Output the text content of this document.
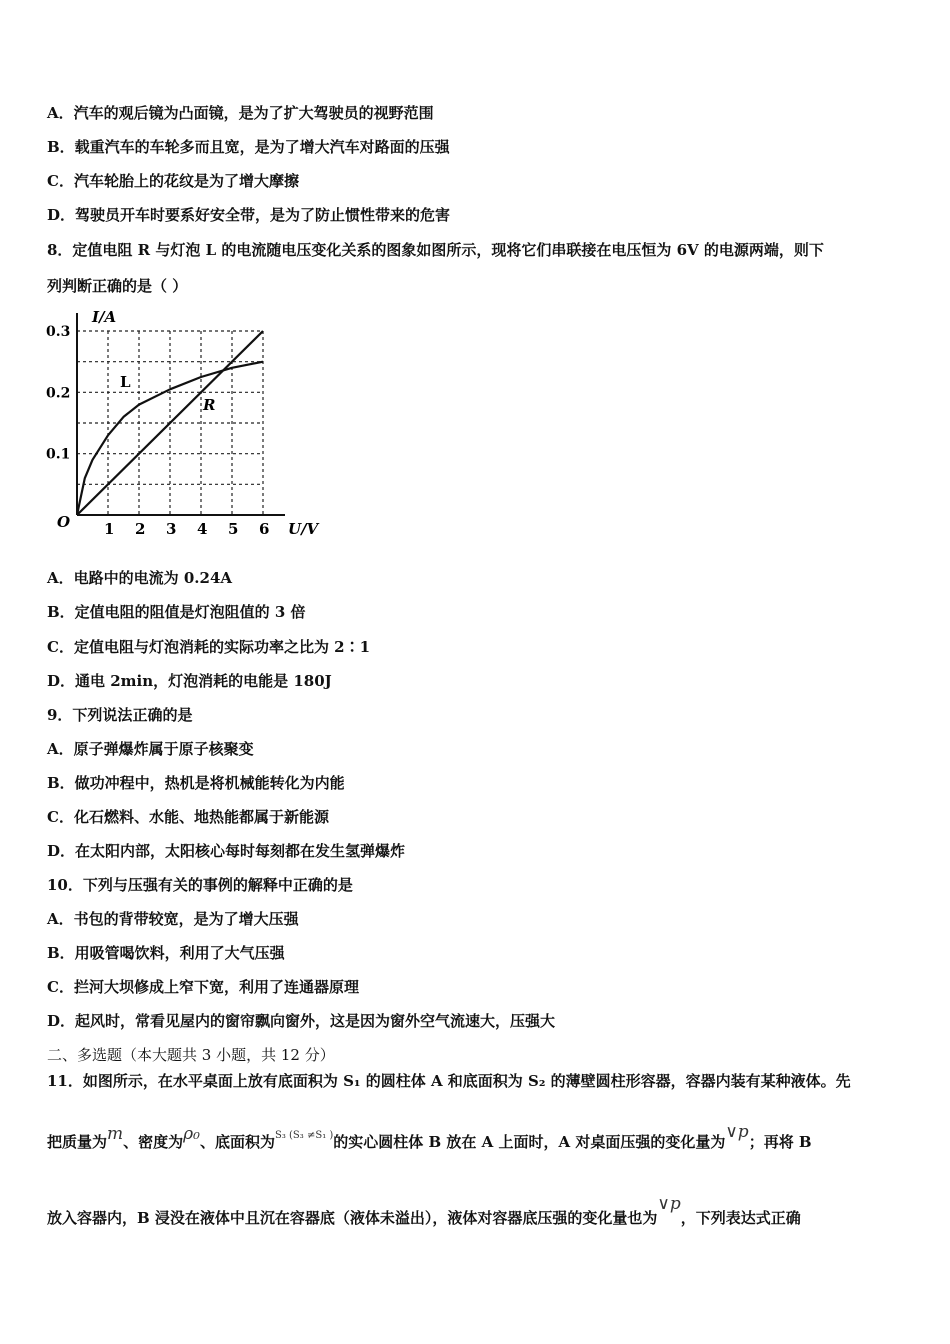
A．汽车的观后镜为凸面镜，是为了扩大驾驶员的视野范围
B．载重汽车的车轮多而且宽，是为了增大汽车对路面的压强
C．汽车轮胎上的花纹是为了增大摩擦
D．驾驶员开车时要系好安全带，是为了防止惯性带来的危害
8．定值电阻 R 与灯泡 L 的电流随电压变化关系的图象如图所示，现将它们串联接在电压恒为 6V 的电源两端，则下
列判断正确的是（ ）
1 2 3 4 5 6
0.1
0.2
0.3
I/A
U/V
O
L
R
A．电路中的电流为 0.24A
B．定值电阻的阻值是灯泡阻值的 3 倍
C．定值电阻与灯泡消耗的实际功率之比为 2∶1
D．通电 2min，灯泡消耗的电能是 180J
9．下列说法正确的是
A．原子弹爆炸属于原子核聚变
B．做功冲程中，热机是将机械能转化为内能
C．化石燃料、水能、地热能都属于新能源
D．在太阳内部，太阳核心每时每刻都在发生氢弹爆炸
10．下列与压强有关的事例的解释中正确的是
A．书包的背带较宽，是为了增大压强
B．用吸管喝饮料，利用了大气压强
C．拦河大坝修成上窄下宽，利用了连通器原理
D．起风时，常看见屋内的窗帘飘向窗外，这是因为窗外空气流速大，压强大
二、多选题（本大题共 3 小题，共 12 分）
11．如图所示，在水平桌面上放有底面积为 S₁ 的圆柱体 A 和底面积为 S₂ 的薄壁圆柱形容器，容器内装有某种液体。先
把质量为m、密度为ρ₀、底面积为$^{S_3 (S_3 \ne S_1 )}$的实心圆柱体 B 放在 A 上面时，A 对桌面压强的变化量为∨p；再将 B
放入容器内，B 浸没在液体中且沉在容器底（液体未溢出），液体对容器底压强的变化量也为∨p，下列表达式正确
